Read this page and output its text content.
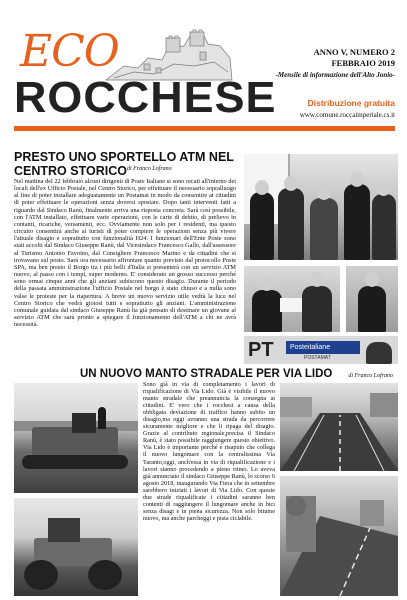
ECO
ROCCHESE
ANNO V, NUMERO 2
FEBBRAIO 2019
-Mensile di informazione dell'Alto Jonio-
Distribuzione gratuita
www.comune.roccaimperiale.cs.it
PRESTO UNO SPORTELLO ATM NEL CENTRO STORICO di Franco Lofrano
Nel mattina del 22 febbraio alcuni dirigenti di Poste Italiane si sono recati all'interno dei locali dell'ex Ufficio Postale, nel Centro Storico, per effettuare il necessario sopralluogo al fine di poter installare adeguatamente un Postamat in modo da consentire ai cittadini di poter effettuare le operazioni senza doversi spostare. Dopo tanti interventi fatti a riguardo dal Sindaco Ranù, finalmente arriva una risposta concreta. Sarà così possibile, con l'ATM installato, effettuare varie operazioni, con le carte di debito, di prelievo in contanti, ricariche, versamenti, ecc. Ovviamente non solo per i residenti, ma questo circuito consentirà anche ai turisti di poter compiere le operazioni senza più vivere l'attuale disagio e soprattutto con funzionalità H24. I funzionari dell'Ente Poste sono stati accolti dal Sindaco Giuseppe Ranù, dal Vicesindaco Francesco Gallo, dall'assessore al Turismo Antonio Favoino, dal Consigliere Francesco Marino e da cittadini che si trovavano sul posto. Sarà ora necessario affrontare quanto previsto dal protocollo Poste SPA, ma ben presto il Borgo tra i più belli d'Italia si presenterà con un servizio ATM nuovo, al passo con i tempi, super moderno. E' considerato un grosso successo perché sono ormai cinque anni che gli anziani subiscono questo disagio. Durante il periodo della passata amministrazione l'ufficio Postale nel borgo è stato chiuso e a nulla sono valse le proteste per la riapertura. A breve un nuovo servizio utile vedrà la luce nel Centro Storico che vedrà gioiosi tutti e soprattutto gli anziani. L'amministrazione comunale guidata dal sindaco Giuseppe Ranù ha già pensato di destinare un giovane al servizio ATM che sarà pronto a spiegare il funzionamento dell'ATM a chi ne avrà necessità.
PT	Posteitaliane
POSTAMAT
UN NUOVO MANTO STRADALE PER VIA LIDO	di Franco Lofrano
Sono già in via di completamento i lavori di riqualificazione di Via Lido. Già è visibile il nuovo manto stradale che preannuncia la consegna ai cittadini. E' vero che i rocchesi a causa della obbligata deviazione di traffico hanno subito un disagio,ma oggi avranno una strada da percorrere sicuramente migliore e che li ripaga del disagio. Grazie al contributo regionale,precisa il Sindaco Ranù, è stato possibile raggiungere questo obiettivo. Via Lido è importante perché è risaputo che collega il nuovo lungomare con la centralissima Via Taranto,oggi, anch'essa in via di riqualificazione e i lavori stanno procedendo a pieno ritmo. Lo aveva già annunciato il sindaco Giuseppe Ranù, lo scorso 6 agosto 2018, inaugurando Via Fiera che in settembre sarebbero iniziati i lavori di Via Lido. Con queste due strade riqualificate i cittadini saranno ben contenti di raggiungere il lungomare anche in bici senza disagi e in piena sicurezza. Non solo bitume nuovo, ma anche parcheggi e pista ciclabile.
